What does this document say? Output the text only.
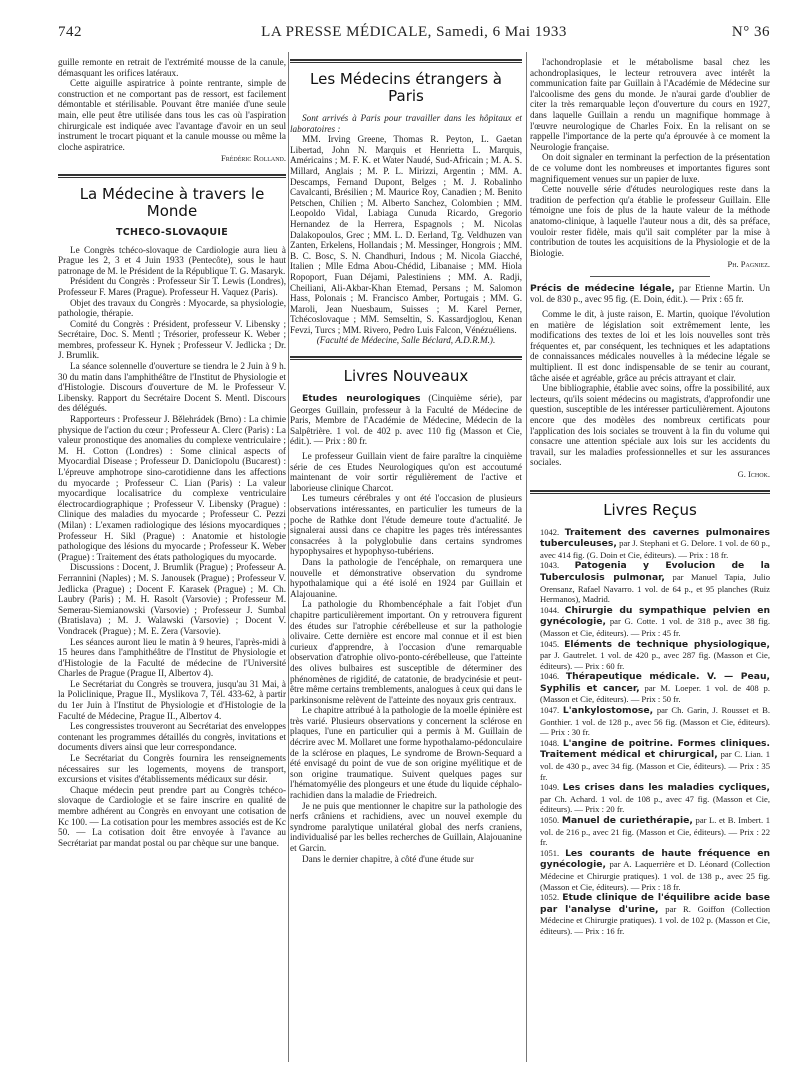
742	LA PRESSE MÉDICALE, Samedi, 6 Mai 1933	N° 36

guille remonte en retrait de l'extrémité mousse de la canule, démasquant les orifices latéraux.

Cette aiguille aspiratrice à pointe rentrante, simple de construction et ne comportant pas de ressort, est facilement démontable et stérilisable. Pouvant être maniée d'une seule main, elle peut être utilisée dans tous les cas où l'aspiration chirurgicale est indiquée avec l'avantage d'avoir en un seul instrument le trocart piquant et la canule mousse ou même la cloche aspiratrice.

Frédéric Rolland.
La Médecine à travers le Monde
TCHECO-SLOVAQUIE

Le Congrès tchéco-slovaque de Cardiologie aura lieu à Prague les 2, 3 et 4 Juin 1933 (Pentecôte), sous le haut patronage de M. le Président de la République T. G. Masaryk.

Président du Congrès : Professeur Sir T. Lewis (Londres), Professeur F. Mares (Prague). Professeur H. Vaquez (Paris).

Objet des travaux du Congrès : Myocarde, sa physiologie, pathologie, thérapie.

Comité du Congrès : Président, professeur V. Libensky ; Secrétaire, Doc. S. Mentl ; Trésorier, professeur K. Weber ; membres, professeur K. Hynek ; Professeur V. Jedlicka ; Dr. J. Brumlik.

La séance solennelle d'ouverture se tiendra le 2 Juin à 9 h. 30 du matin dans l'amphithéâtre de l'Institut de Physiologie et d'Histologie. Discours d'ouverture de M. le Professeur V. Libensky. Rapport du Secrétaire Docent S. Mentl. Discours des délégués.

Rapporteurs : Professeur J. Bělehrádek (Brno) : La chimie physique de l'action du cœur ; Professeur A. Clerc (Paris) : La valeur pronostique des anomalies du complexe ventriculaire ; M. H. Cotton (Londres) : Some clinical aspects of Myocardial Disease ; Professeur D. Danicīopolu (Bucarest) : L'épreuve amphotrope sino-carotidienne dans les affections du myocarde ; Professeur C. Lian (Paris) : La valeur myocardique localisatrice du complexe ventriculaire électrocardiographique ; Professeur V. Libensky (Prague) : Clinique des maladies du myocarde ; Professeur C. Pezzi (Milan) : L'examen radiologique des lésions myocardiques ; Professeur H. Sikl (Prague) : Anatomie et histologie pathologique des lésions du myocarde ; Professeur K. Weber (Prague) : Traitement des états pathologiques du myocarde.

Discussions : Docent, J. Brumlik (Prague) ; Professeur A. Ferrannini (Naples) ; M. S. Janousek (Prague) ; Professeur V. Jedlicka (Prague) ; Docent F. Karasek (Prague) ; M. Ch. Laubry (Paris) ; M. H. Rasolt (Varsovie) ; Professeur M. Semerau-Siemianowski (Varsovie) ; Professeur J. Sumbal (Bratislava) ; M. J. Walawski (Varsovie) ; Docent V. Vondracek (Prague) ; M. E. Zera (Varsovie).

Les séances auront lieu le matin à 9 heures, l'après-midi à 15 heures dans l'amphithéâtre de l'Institut de Physiologie et d'Histologie de la Faculté de médecine de l'Université Charles de Prague (Prague II, Albertov 4).

Le Secrétariat du Congrès se trouvera, jusqu'au 31 Mai, à la Policlinique, Prague II., Myslikova 7, Tél. 433-62, à partir du 1er Juin à l'Institut de Physiologie et d'Histologie de la Faculté de Médecine, Prague II., Albertov 4.

Les congressistes trouveront au Secrétariat des enveloppes contenant les programmes détaillés du congrès, invitations et documents divers ainsi que leur correspondance.

Le Secrétariat du Congrès fournira les renseignements nécessaires sur les logements, moyens de transport, excursions et visites d'établissements médicaux sur désir.

Chaque médecin peut prendre part au Congrès tchéco-slovaque de Cardiologie et se faire inscrire en qualité de membre adhérent au Congrès en envoyant une cotisation de Kc 100. — La cotisation pour les membres associés est de Kc 50. — La cotisation doit être envoyée à l'avance au Secrétariat par mandat postal ou par chèque sur une banque.

Les Médecins étrangers à Paris

Sont arrivés à Paris pour travailler dans les hôpitaux et laboratoires :

MM. Irving Greene, Thomas R. Peyton, L. Gaetan Libertad, John N. Marquis et Henrietta L. Marquis, Américains ; M. F. K. et Water Naudé, Sud-Africain ; M. A. S. Millard, Anglais ; M. P. L. Mirizzi, Argentin ; MM. A. Descamps, Fernand Dupont, Belges ; M. J. Robalinho Cavalcanti, Brésilien ; M. Maurice Roy, Canadien ; M. Benito Petschen, Chilien ; M. Alberto Sanchez, Colombien ; MM. Leopoldo Vidal, Labiaga Cunuda Ricardo, Gregorio Hernandez de la Herrera, Espagnols ; M. Nicolas Dalakopoulos, Grec ; MM. L. D. Eerland, Tg. Veldhuzen van Zanten, Erkelens, Hollandais ; M. Messinger, Hongrois ; MM. B. C. Bosc, S. N. Chandhuri, Indous ; M. Nicola Giacché, Italien ; Mlle Edma Abou-Chédid, Libanaise ; MM. Hiola Ropoport, Fuan Déjami, Palestiniens ; MM. A. Radji, Cheiliani, Ali-Akbar-Khan Etemad, Persans ; M. Salomon Hass, Polonais ; M. Francisco Amber, Portugais ; MM. G. Maroli, Jean Nuesbaum, Suisses ; M. Karel Perner, Tchécoslovaque ; MM. Semseltin, S. Kassardjoglou, Kenan Fevzi, Turcs ; MM. Rivero, Pedro Luis Falcon, Vénézuéliens.

(Faculté de Médecine, Salle Béclard, A.D.R.M.).

Livres Nouveaux

Etudes neurologiques (Cinquième série), par Georges Guillain, professeur à la Faculté de Médecine de Paris, Membre de l'Académie de Médecine, Médecin de la Salpêtrière. 1 vol. de 402 p. avec 110 fig (Masson et Cie, édit.). — Prix : 80 fr.

Le professeur Guillain vient de faire paraître la cinquième série de ces Etudes Neurologiques qu'on est accoutumé maintenant de voir sortir régulièrement de l'active et laborieuse clinique Charcot.

Les tumeurs cérébrales y ont été l'occasion de plusieurs observations intéressantes, en particulier les tumeurs de la poche de Rathke dont l'étude demeure toute d'actualité. Je signalerai aussi dans ce chapitre les pages très intéressantes consacrées à la polyglobulie dans certains syndromes hypophysaires et hypophyso-tubériens.

Dans la pathologie de l'encéphale, on remarquera une nouvelle et démonstrative observation du syndrome hypothalamique qui a été isolé en 1924 par Guillain et Alajouanine.

La pathologie du Rhombencéphale a fait l'objet d'un chapitre particulièrement important. On y retrouvera figurent des études sur l'atrophie cérébelleuse et sur la pathologie olivaire. Cette dernière est encore mal connue et il est bien curieux d'apprendre, à l'occasion d'une remarquable observation d'atrophie olivo-ponto-cérébelleuse, que l'atteinte des olives bulbaires est susceptible de déterminer des phénomènes de rigidité, de catatonie, de bradycinésie et peut-être même certains tremblements, analogues à ceux qui dans le parkinsonisme relèvent de l'atteinte des noyaux gris centraux.

Le chapitre attribué à la pathologie de la moelle épinière est très varié. Plusieurs observations y concernent la sclérose en plaques, l'une en particulier qui a permis à M. Guillain de décrire avec M. Mollaret une forme hypothalamo-pédonculaire de la sclérose en plaques, Le syndrome de Brown-Sequard a été envisagé du point de vue de son origine myélitique et de son origine traumatique. Suivent quelques pages sur l'hématomyélie des plongeurs et une étude du liquide céphalo-rachidien dans la maladie de Friedreich.

Je ne puis que mentionner le chapitre sur la pathologie des nerfs crâniens et rachidiens, avec un nouvel exemple du syndrome paralytique unilatéral global des nerfs craniens, individualisé par les belles recherches de Guillain, Alajouanine et Garcin.

Dans le dernier chapitre, à côté d'une étude sur

l'achondroplasie et le métabolisme basal chez les achondroplasiques, le lecteur retrouvera avec intérêt la communication faite par Guillain à l'Académie de Médecine sur l'alcoolisme des gens du monde. Je n'aurai garde d'oublier de citer la très remarquable leçon d'ouverture du cours en 1927, dans laquelle Guillain a rendu un magnifique hommage à l'œuvre neurologique de Charles Foix. En la relisant on se rappelle l'importance de la perte qu'a éprouvée à ce moment la Neurologie française.

On doit signaler en terminant la perfection de la présentation de ce volume dont les nombreuses et importantes figures sont magnifiquement venues sur un papier de luxe.

Cette nouvelle série d'études neurologiques reste dans la tradition de perfection qu'a établie le professeur Guillain. Elle témoigne une fois de plus de la haute valeur de la méthode anatomo-clinique, à laquelle l'auteur nous a dit, dès sa préface, vouloir rester fidèle, mais qu'il sait compléter par la mise à contribution de toutes les acquisitions de la Physiologie et de la Biologie.

Ph. Pagniez.

Précis de médecine légale, par Etienne Martin. Un vol. de 830 p., avec 95 fig. (E. Doin, édit.). — Prix : 65 fr.

Comme le dit, à juste raison, E. Martin, quoique l'évolution en matière de législation soit extrêmement lente, les modifications des textes de loi et les lois nouvelles sont très fréquentes et, par conséquent, les techniques et les adaptations de connaissances médicales nouvelles à la médecine légale se multiplient. Il est donc indispensable de se tenir au courant, tâche aisée et agréable, grâce au précis attrayant et clair.

Une bibliographie, établie avec soins, offre la possibilité, aux lecteurs, qu'ils soient médecins ou magistrats, d'approfondir une question, susceptible de les intéresser particulièrement. Ajoutons encore que des modèles des nombreux certificats pour l'application des lois sociales se trouvent à la fin du volume qui consacre une attention spéciale aux lois sur les accidents du travail, sur les maladies professionnelles et sur les assurances sociales.

G. Ichok.
Livres Reçus

1042. Traitement des cavernes pulmonaires tuberculeuses, par J. Stephani et G. Delore. 1 vol. de 60 p., avec 414 fig. (G. Doin et Cie, éditeurs). — Prix : 18 fr.

1043. Patogenia y Evolucion de la Tuberculosis pulmonar, par Manuel Tapia, Julio Orensanz, Rafael Navarro. 1 vol. de 64 p., et 95 planches (Ruiz Hermanos), Madrid.

1044. Chirurgie du sympathique pelvien en gynécologie, par G. Cotte. 1 vol. de 318 p., avec 38 fig. (Masson et Cie, éditeurs). — Prix : 45 fr.

1045. Eléments de technique physiologique, par J. Gautrelet. 1 vol. de 420 p., avec 287 fig. (Masson et Cie, éditeurs). — Prix : 60 fr.

1046. Thérapeutique médicale. V. — Peau, Syphilis et cancer, par M. Loeper. 1 vol. de 408 p. (Masson et Cie, éditeurs). — Prix : 50 fr.

1047. L'ankylostomose, par Ch. Garin, J. Rousset et B. Gonthier. 1 vol. de 128 p., avec 56 fig. (Masson et Cie, éditeurs). — Prix : 30 fr.

1048. L'angine de poitrine. Formes cliniques. Traitement médical et chirurgical, par C. Lian. 1 vol. de 430 p., avec 34 fig. (Masson et Cie, éditeurs). — Prix : 35 fr.

1049. Les crises dans les maladies cycliques, par Ch. Achard. 1 vol. de 108 p., avec 47 fig. (Masson et Cie, éditeurs). — Prix : 20 fr.

1050. Manuel de curiethérapie, par L. et B. Imbert. 1 vol. de 216 p., avec 21 fig. (Masson et Cie, éditeurs). — Prix : 22 fr.

1051. Les courants de haute fréquence en gynécologie, par A. Laquerrière et D. Léonard (Collection Médecine et Chirurgie pratiques). 1 vol. de 138 p., avec 25 fig. (Masson et Cie, éditeurs). — Prix : 18 fr.

1052. Etude clinique de l'équilibre acide base par l'analyse d'urine, par R. Goiffon (Collection Médecine et Chirurgie pratiques). 1 vol. de 102 p. (Masson et Cie, éditeurs). — Prix : 16 fr.
